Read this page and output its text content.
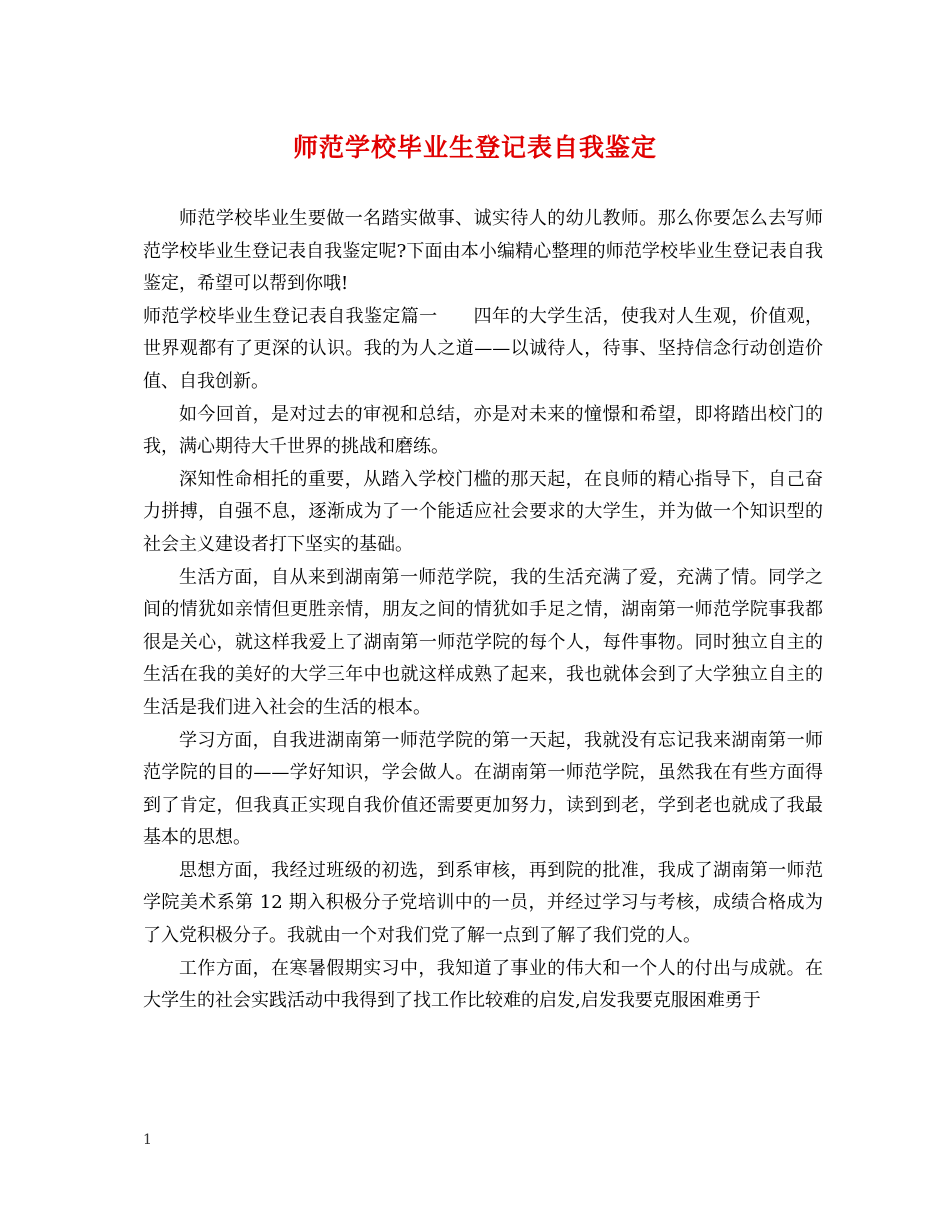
师范学校毕业生登记表自我鉴定

师范学校毕业生要做一名踏实做事、诚实待人的幼儿教师。那么你要怎么去写师范学校毕业生登记表自我鉴定呢?下面由本小编精心整理的师范学校毕业生登记表自我鉴定，希望可以帮到你哦!

师范学校毕业生登记表自我鉴定篇一 四年的大学生活，使我对人生观，价值观，世界观都有了更深的认识。我的为人之道——以诚待人，待事、坚持信念行动创造价值、自我创新。

如今回首，是对过去的审视和总结，亦是对未来的憧憬和希望，即将踏出校门的我，满心期待大千世界的挑战和磨练。

深知性命相托的重要，从踏入学校门槛的那天起，在良师的精心指导下，自己奋力拼搏，自强不息，逐渐成为了一个能适应社会要求的大学生，并为做一个知识型的社会主义建设者打下坚实的基础。

生活方面，自从来到湖南第一师范学院，我的生活充满了爱，充满了情。同学之间的情犹如亲情但更胜亲情，朋友之间的情犹如手足之情，湖南第一师范学院事我都很是关心，就这样我爱上了湖南第一师范学院的每个人，每件事物。同时独立自主的生活在我的美好的大学三年中也就这样成熟了起来，我也就体会到了大学独立自主的生活是我们进入社会的生活的根本。

学习方面，自我进湖南第一师范学院的第一天起，我就没有忘记我来湖南第一师范学院的目的——学好知识，学会做人。在湖南第一师范学院，虽然我在有些方面得到了肯定，但我真正实现自我价值还需要更加努力，读到到老，学到老也就成了我最基本的思想。

思想方面，我经过班级的初选，到系审核，再到院的批准，我成了湖南第一师范学院美术系第 12 期入积极分子党培训中的一员，并经过学习与考核，成绩合格成为了入党积极分子。我就由一个对我们党了解一点到了解了我们党的人。

工作方面，在寒暑假期实习中，我知道了事业的伟大和一个人的付出与成就。在大学生的社会实践活动中我得到了找工作比较难的启发,启发我要克服困难勇于

1
